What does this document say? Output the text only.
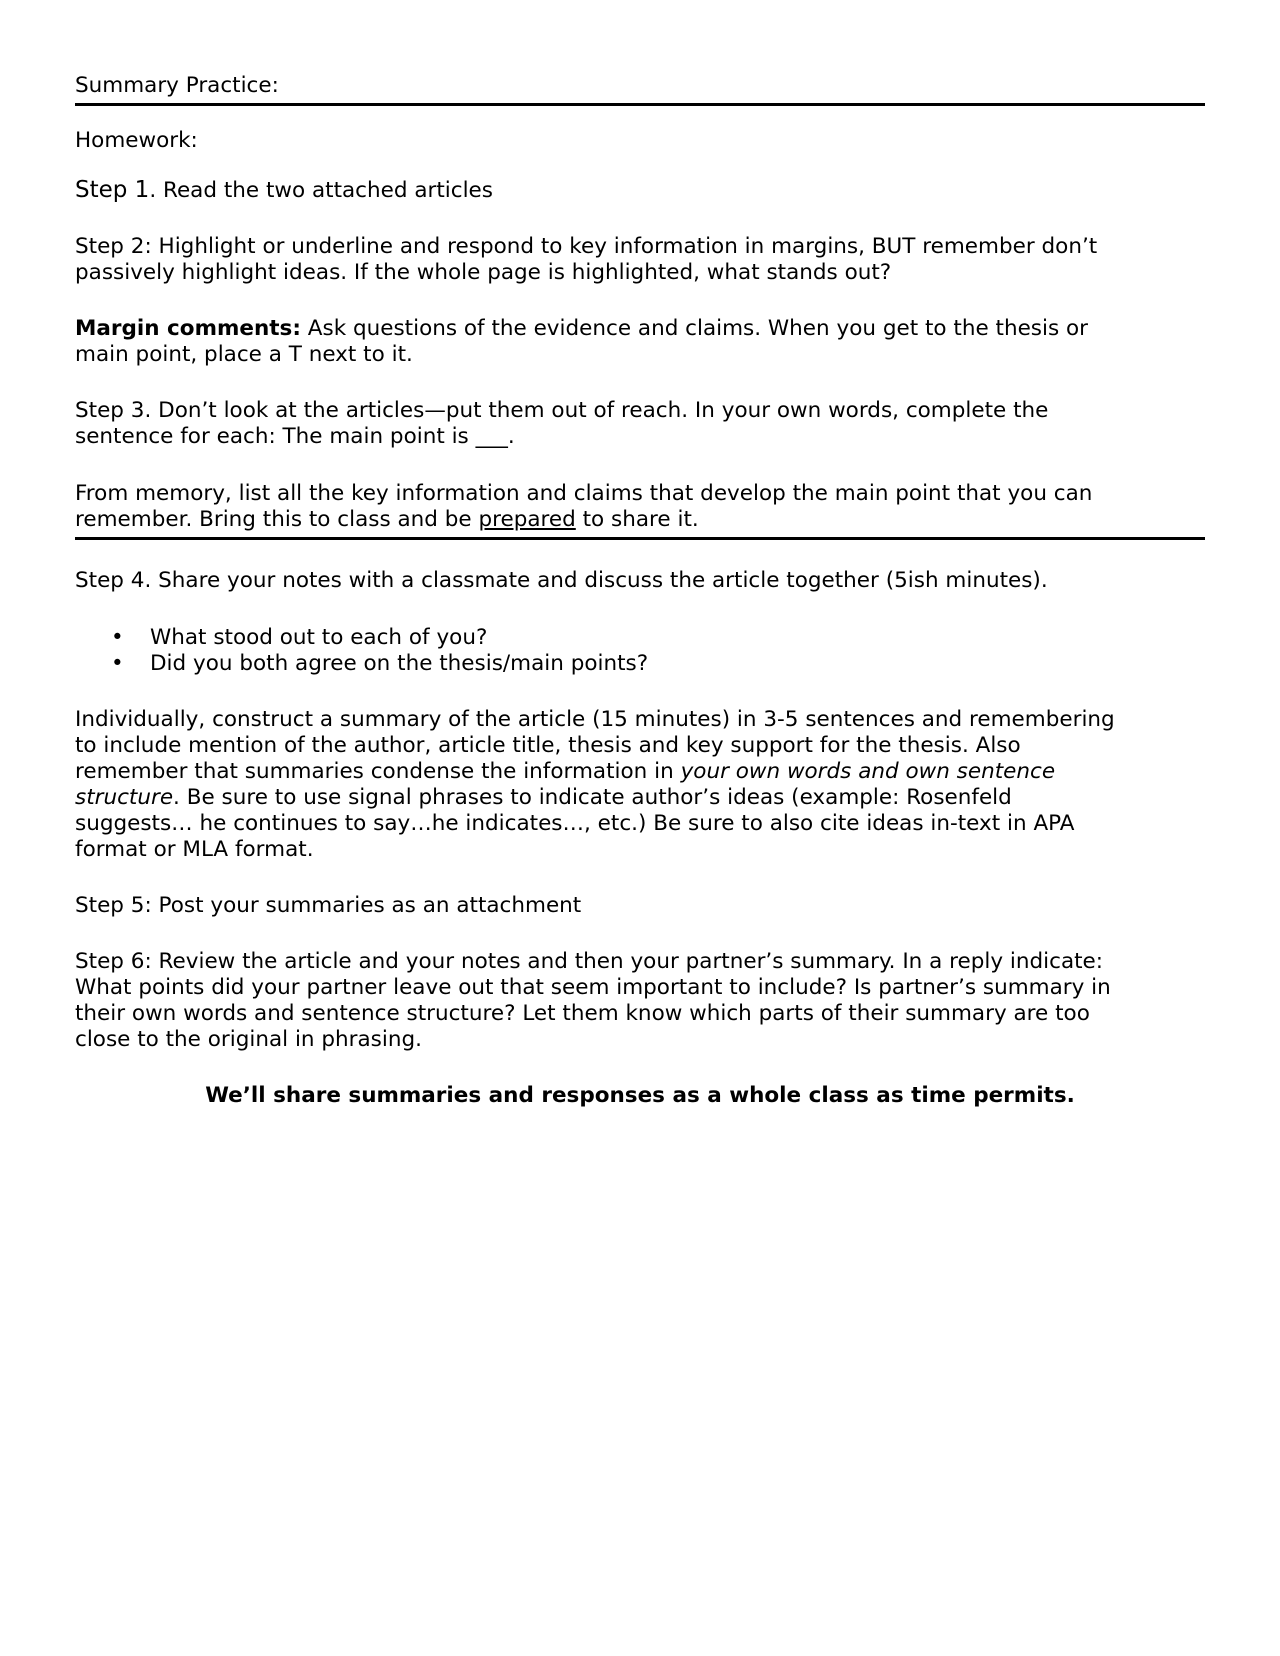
Summary Practice:
Homework:
Step 1. Read the two attached articles
Step 2: Highlight or underline and respond to key information in margins, BUT remember don’t
passively highlight ideas. If the whole page is highlighted, what stands out?
Margin comments: Ask questions of the evidence and claims. When you get to the thesis or
main point, place a T next to it.
Step 3. Don’t look at the articles—put them out of reach. In your own words, complete the
sentence for each: The main point is ___.
From memory, list all the key information and claims that develop the main point that you can
remember. Bring this to class and be prepared to share it.
Step 4. Share your notes with a classmate and discuss the article together (5ish minutes).
• What stood out to each of you?
• Did you both agree on the thesis/main points?
Individually, construct a summary of the article (15 minutes) in 3-5 sentences and remembering
to include mention of the author, article title, thesis and key support for the thesis. Also
remember that summaries condense the information in your own words and own sentence
structure. Be sure to use signal phrases to indicate author’s ideas (example: Rosenfeld
suggests… he continues to say…he indicates…, etc.) Be sure to also cite ideas in-text in APA
format or MLA format.
Step 5: Post your summaries as an attachment
Step 6: Review the article and your notes and then your partner’s summary. In a reply indicate:
What points did your partner leave out that seem important to include? Is partner’s summary in
their own words and sentence structure? Let them know which parts of their summary are too
close to the original in phrasing.
We’ll share summaries and responses as a whole class as time permits.
